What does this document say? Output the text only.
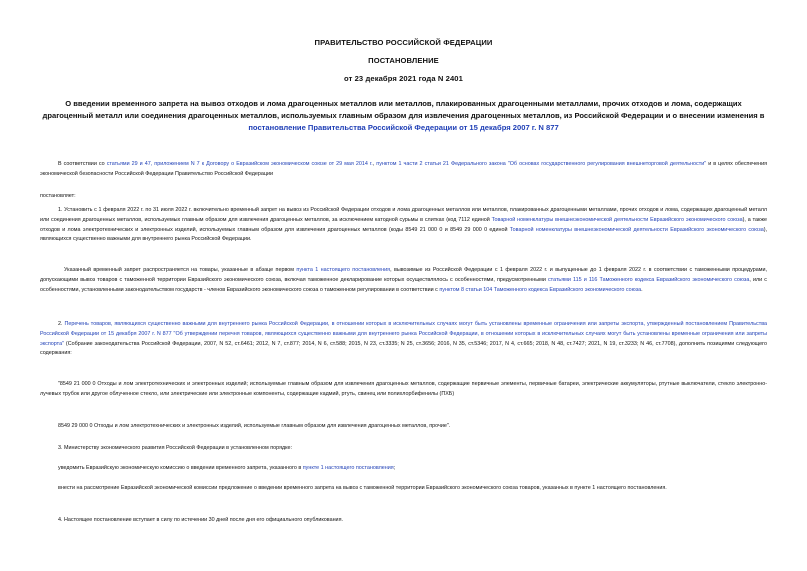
ПРАВИТЕЛЬСТВО РОССИЙСКОЙ ФЕДЕРАЦИИ
ПОСТАНОВЛЕНИЕ
от 23 декабря 2021 года N 2401
О введении временного запрета на вывоз отходов и лома драгоценных металлов или металлов, плакированных драгоценными металлами, прочих отходов и лома, содержащих драгоценный металл или соединения драгоценных металлов, используемых главным образом для извлечения драгоценных металлов, из Российской Федерации и о внесении изменения в постановление Правительства Российской Федерации от 15 декабря 2007 г. N 877
В соответствии со статьями 29 и 47, приложением N 7 к Договору о Евразийском экономическом союзе от 29 мая 2014 г., пунктом 1 части 2 статьи 21 Федерального закона "Об основах государственного регулирования внешнеторговой деятельности" и в целях обеспечения экономической безопасности Российской Федерации Правительство Российской Федерации
постановляет:
1. Установить с 1 февраля 2022 г. по 31 июля 2022 г. включительно временный запрет на вывоз из Российской Федерации отходов и лома драгоценных металлов или металлов, плакированных драгоценными металлами, прочих отходов и лома, содержащих драгоценный металл или соединения драгоценных металлов, используемых главным образом для извлечения драгоценных металлов, за исключением катодной сурьмы в слитках (код 7112 единой Товарной номенклатуры внешнеэкономической деятельности Евразийского экономического союза), а также отходов и лома электротехнических и электронных изделий, используемых главным образом для извлечения драгоценных металлов (коды 8549 21 000 0 и 8549 29 000 0 единой Товарной номенклатуры внешнеэкономической деятельности Евразийского экономического союза), являющихся существенно важными для внутреннего рынка Российской Федерации.
Указанный временный запрет распространяется на товары, указанные в абзаце первом пункта 1 настоящего постановления, вывозимые из Российской Федерации с 1 февраля 2022 г. и выпущенные до 1 февраля 2022 г. в соответствии с таможенными процедурами, допускающими вывоз товаров с таможенной территории Евразийского экономического союза, включая таможенное декларирование которых осуществлялось с особенностями, предусмотренными статьями 115 и 116 Таможенного кодекса Евразийского экономического союза, или с особенностями, установленными законодательством государств - членов Евразийского экономического союза о таможенном регулировании в соответствии с пунктом 8 статьи 104 Таможенного кодекса Евразийского экономического союза.
2. Перечень товаров, являющихся существенно важными для внутреннего рынка Российской Федерации, в отношении которых в исключительных случаях могут быть установлены временные ограничения или запреты экспорта, утвержденный постановлением Правительства Российской Федерации от 15 декабря 2007 г. N 877 "Об утверждении перечня товаров, являющихся существенно важными для внутреннего рынка Российской Федерации, в отношении которых в исключительных случаях могут быть установлены временные ограничения или запреты экспорта" (Собрание законодательства Российской Федерации, 2007, N 52, ст.6461; 2012, N 7, ст.877; 2014, N 6, ст.588; 2015, N 23, ст.3335; N 25, ст.3656; 2016, N 35, ст.5346; 2017, N 4, ст.665; 2018, N 48, ст.7427; 2021, N 19, ст.3233; N 46, ст.7708), дополнить позициями следующего содержания:
"8549 21 000 0 Отходы и лом электротехнических и электронных изделий; используемые главным образом для извлечения драгоценных металлов, содержащие первичные элементы, первичные батареи, электрические аккумуляторы, ртутные выключатели, стекло электронно-лучевых трубок или другое облученное стекло, или электрические или электронные компоненты, содержащие кадмий, ртуть, свинец или полихлорбифенилы (ПХБ)
8549 29 000 0 Отходы и лом электротехнических и электронных изделий, используемые главным образом для извлечения драгоценных металлов, прочие".
3. Министерству экономического развития Российской Федерации в установленном порядке:
уведомить Евразийскую экономическую комиссию о введении временного запрета, указанного в пункте 1 настоящего постановления;
внести на рассмотрение Евразийской экономической комиссии предложение о введении временного запрета на вывоз с таможенной территории Евразийского экономического союза товаров, указанных в пункте 1 настоящего постановления.
4. Настоящее постановление вступает в силу по истечении 30 дней после дня его официального опубликования.
